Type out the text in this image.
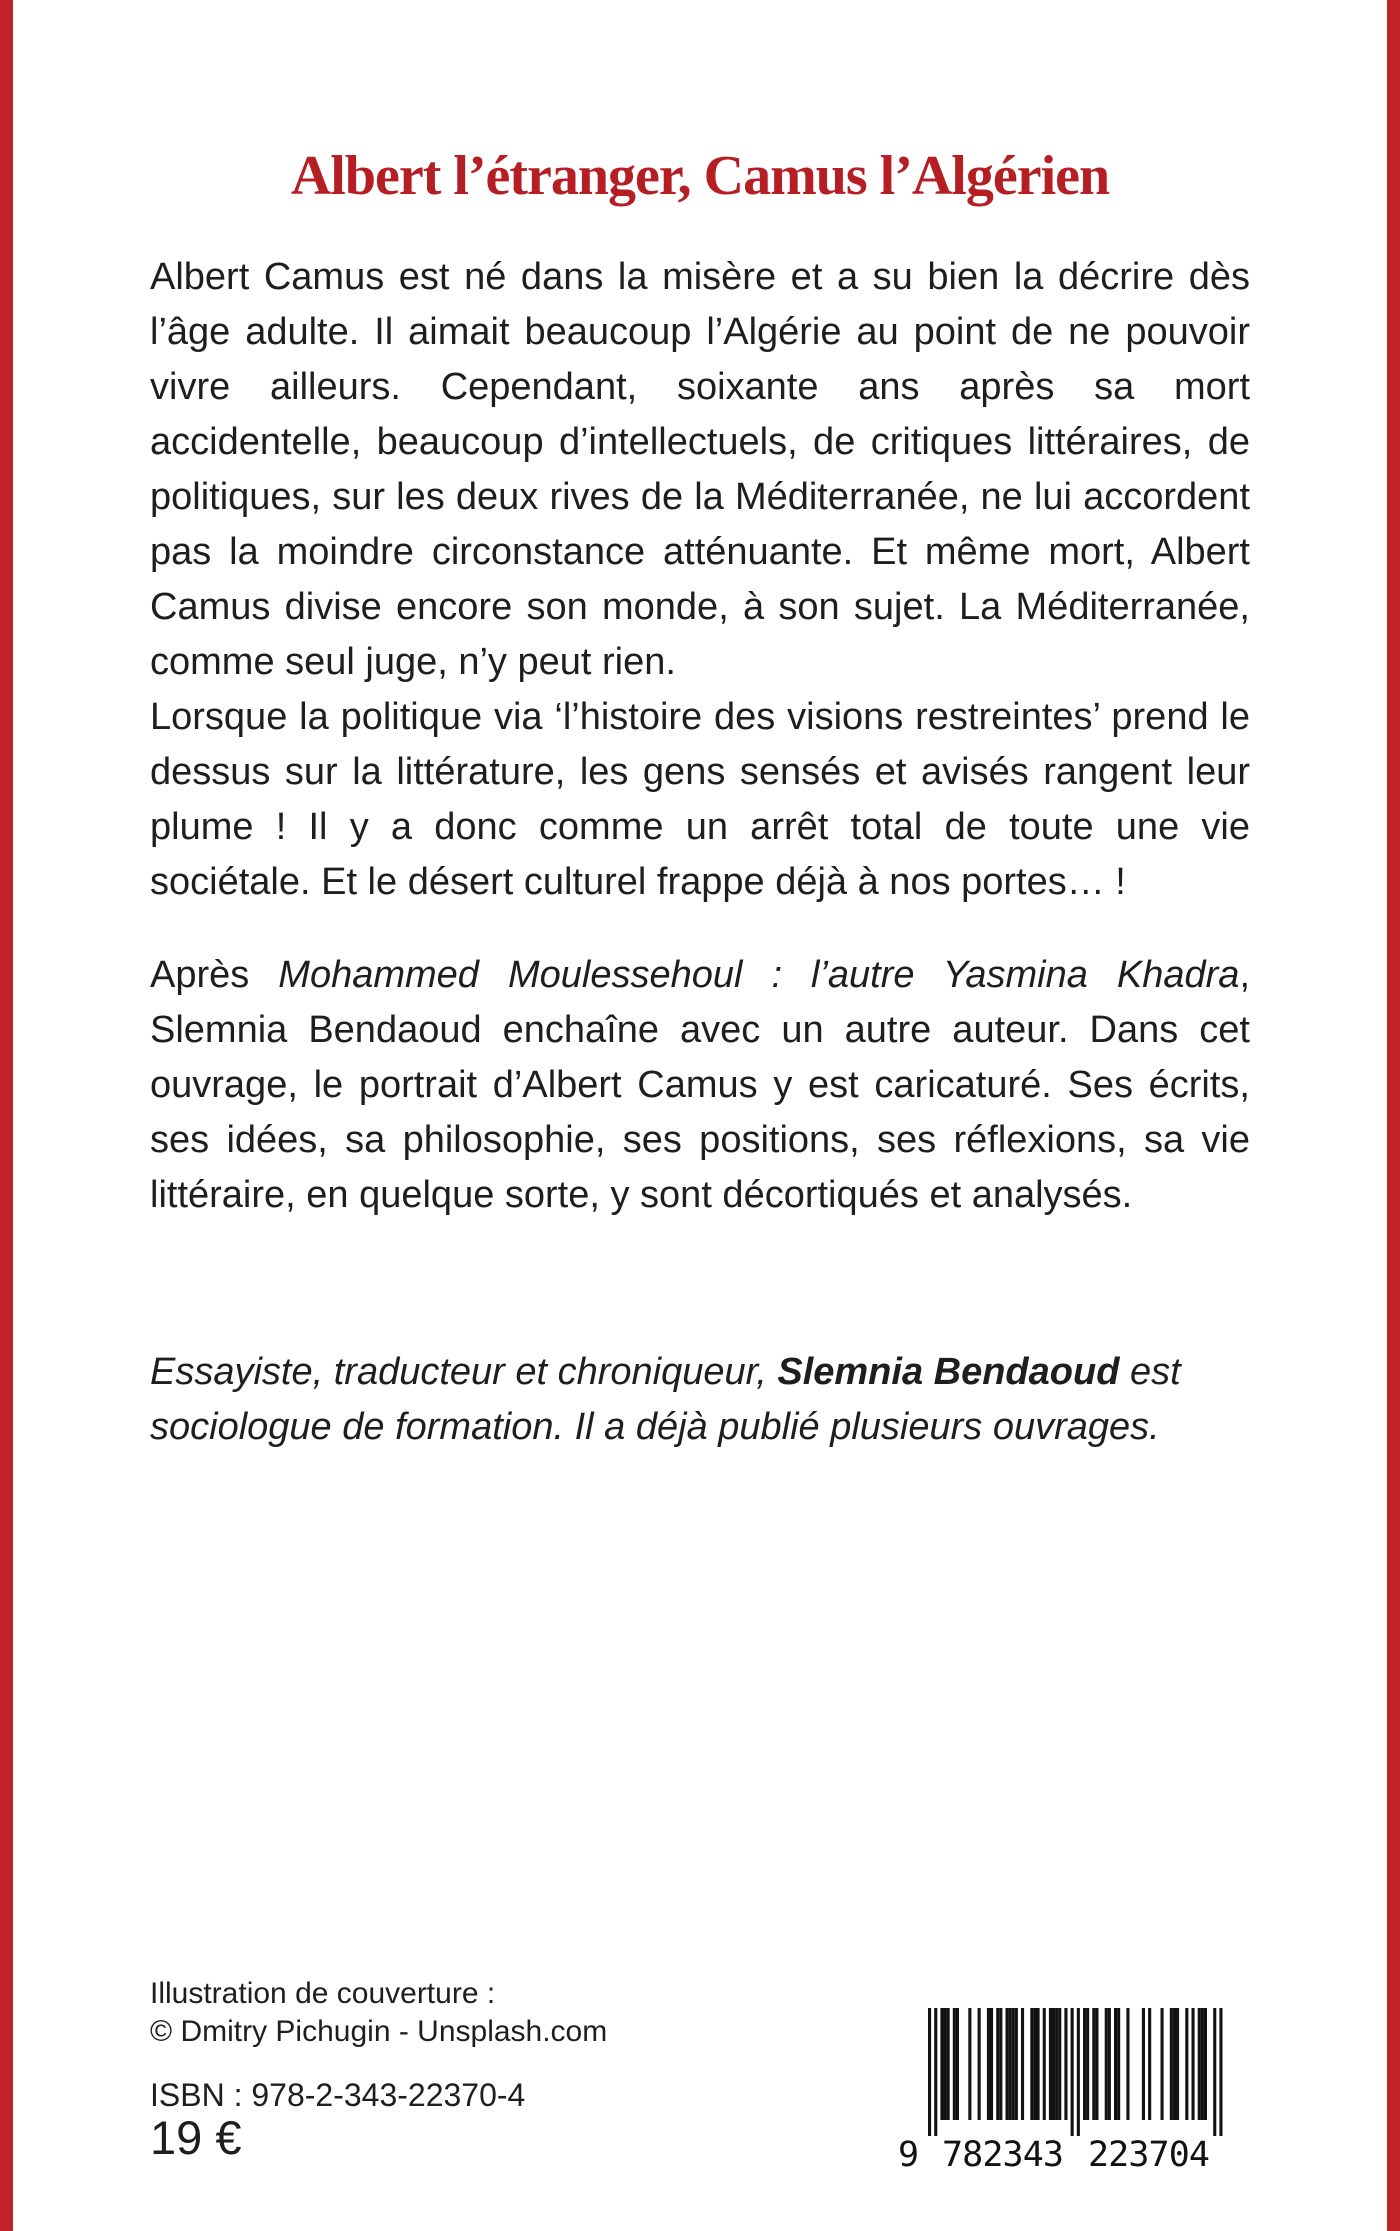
Albert l’étranger, Camus l’Algérien

Albert Camus est né dans la misère et a su bien la décrire dès l’âge adulte. Il aimait beaucoup l’Algérie au point de ne pouvoir vivre ailleurs. Cependant, soixante ans après sa mort accidentelle, beaucoup d’intellectuels, de critiques littéraires, de politiques, sur les deux rives de la Méditerranée, ne lui accordent pas la moindre circonstance atténuante. Et même mort, Albert Camus divise encore son monde, à son sujet. La Méditerranée, comme seul juge, n’y peut rien.

Lorsque la politique via ‘l’histoire des visions restreintes’ prend le dessus sur la littérature, les gens sensés et avisés rangent leur plume ! Il y a donc comme un arrêt total de toute une vie sociétale. Et le désert culturel frappe déjà à nos portes… !

Après Mohammed Moulessehoul : l’autre Yasmina Khadra, Slemnia Bendaoud enchaîne avec un autre auteur. Dans cet ouvrage, le portrait d’Albert Camus y est caricaturé. Ses écrits, ses idées, sa philosophie, ses positions, ses réflexions, sa vie littéraire, en quelque sorte, y sont décortiqués et analysés.

Essayiste, traducteur et chroniqueur, Slemnia Bendaoud est sociologue de formation. Il a déjà publié plusieurs ouvrages.
Illustration de couverture :
© Dmitry Pichugin - Unsplash.com
ISBN : 978-2-343-22370-4
19 €	9 782343 223704
